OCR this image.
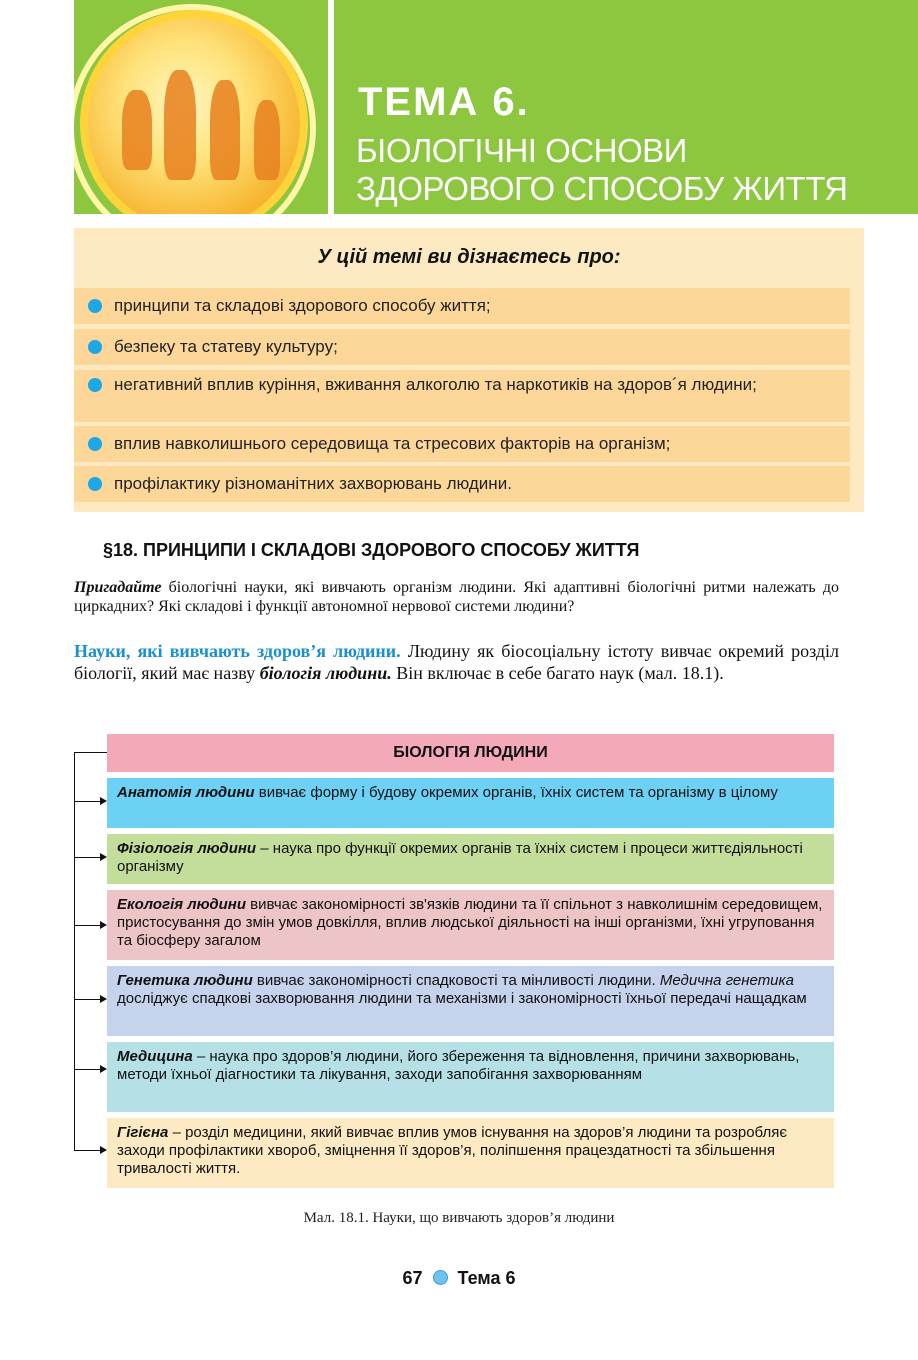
ТЕМА 6.

БІОЛОГІЧНІ ОСНОВИ

ЗДОРОВОГО СПОСОБУ ЖИТТЯ

У цій темі ви дізнаєтесь про:

принципи та складові здорового способу життя;
безпеку та статеву культуру;
негативний вплив куріння, вживання алкоголю та наркотиків на здоров´я людини;
вплив навколишнього середовища та стресових факторів на організм;
профілактику різноманітних захворювань людини.
§18. ПРИНЦИПИ І СКЛАДОВІ ЗДОРОВОГО СПОСОБУ ЖИТТЯ

Пригадайте біологічні науки, які вивчають організм людини. Які адаптивні біологічні ритми належать до циркадних? Які складові і функції автономної нервової системи людини?

Науки, які вивчають здоров’я людини. Людину як біосоціальну істоту вивчає окремий розділ біології, який має назву біологія людини. Він включає в себе багато наук (мал. 18.1).

БІОЛОГІЯ ЛЮДИНИ
Анатомія людини вивчає форму і будову окремих органів, їхніх систем та організму в цілому
Фізіологія людини – наука про функції окремих органів та їхніх систем і процеси життєдіяльності організму
Екологія людини вивчає закономірності зв'язків людини та її спільнот з навколишнім середовищем, пристосування до змін умов довкілля, вплив людської діяльності на інші організми, їхні угруповання та біосферу загалом
Генетика людини вивчає закономірності спадковості та мінливості людини. Медична генетика досліджує спадкові захворювання людини та механізми і закономірності їхньої передачі нащадкам
Медицина – наука про здоров’я людини, його збереження та відновлення, причини захворювань, методи їхньої діагностики та лікування, заходи запобігання захворюванням
Гігієна – розділ медицини, який вивчає вплив умов існування на здоров’я людини та розробляє заходи профілактики хвороб, зміцнення її здоров’я, поліпшення працездатності та збільшення тривалості життя.

Мал. 18.1. Науки, що вивчають здоров’я людини

67 Тема 6
